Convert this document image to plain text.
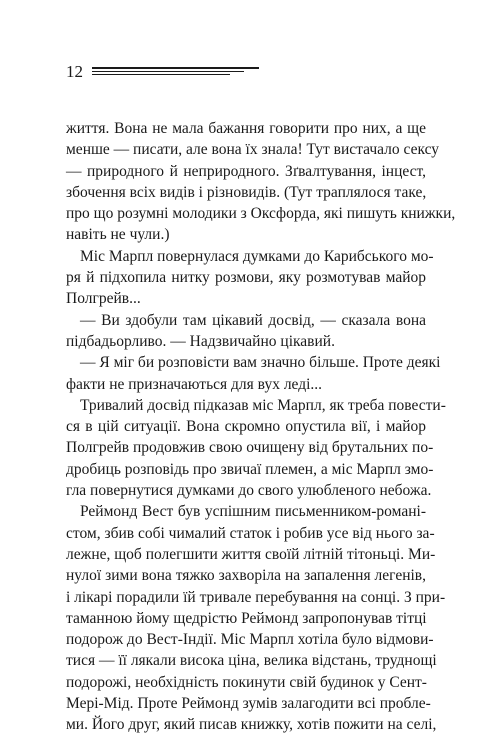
12
життя. Вона не мала бажання говорити про них, а ще
менше — писати, але вона їх знала! Тут вистачало сексу
— природного й неприродного. Зґвалтування, інцест,
збочення всіх видів і різновидів. (Тут траплялося таке,
про що розумні молодики з Оксфорда, які пишуть книжки,
навіть не чули.)
Міс Марпл повернулася думками до Карибського мо-
ря й підхопила нитку розмови, яку розмотував майор
Полгрейв...
— Ви здобули там цікавий досвід, — сказала вона
підбадьорливо. — Надзвичайно цікавий.
— Я міг би розповісти вам значно більше. Проте деякі
факти не призначаються для вух леді...
Тривалий досвід підказав міс Марпл, як треба повести-
ся в цій ситуації. Вона скромно опустила вії, і майор
Полгрейв продовжив свою очищену від брутальних по-
дробиць розповідь про звичаї племен, а міс Марпл змо-
гла повернутися думками до свого улюбленого небожа.
Реймонд Вест був успішним письменником-романі-
стом, збив собі чималий статок і робив усе від нього за-
лежне, щоб полегшити життя своїй літній тітоньці. Ми-
нулої зими вона тяжко захворіла на запалення легенів,
і лікарі порадили їй тривале перебування на сонці. З при-
таманною йому щедрістю Реймонд запропонував тітці
подорож до Вест-Індії. Міс Марпл хотіла було відмови-
тися — її лякали висока ціна, велика відстань, труднощі
подорожі, необхідність покинути свій будинок у Сент-
Мері-Мід. Проте Реймонд зумів залагодити всі пробле-
ми. Його друг, який писав книжку, хотів пожити на селі,
